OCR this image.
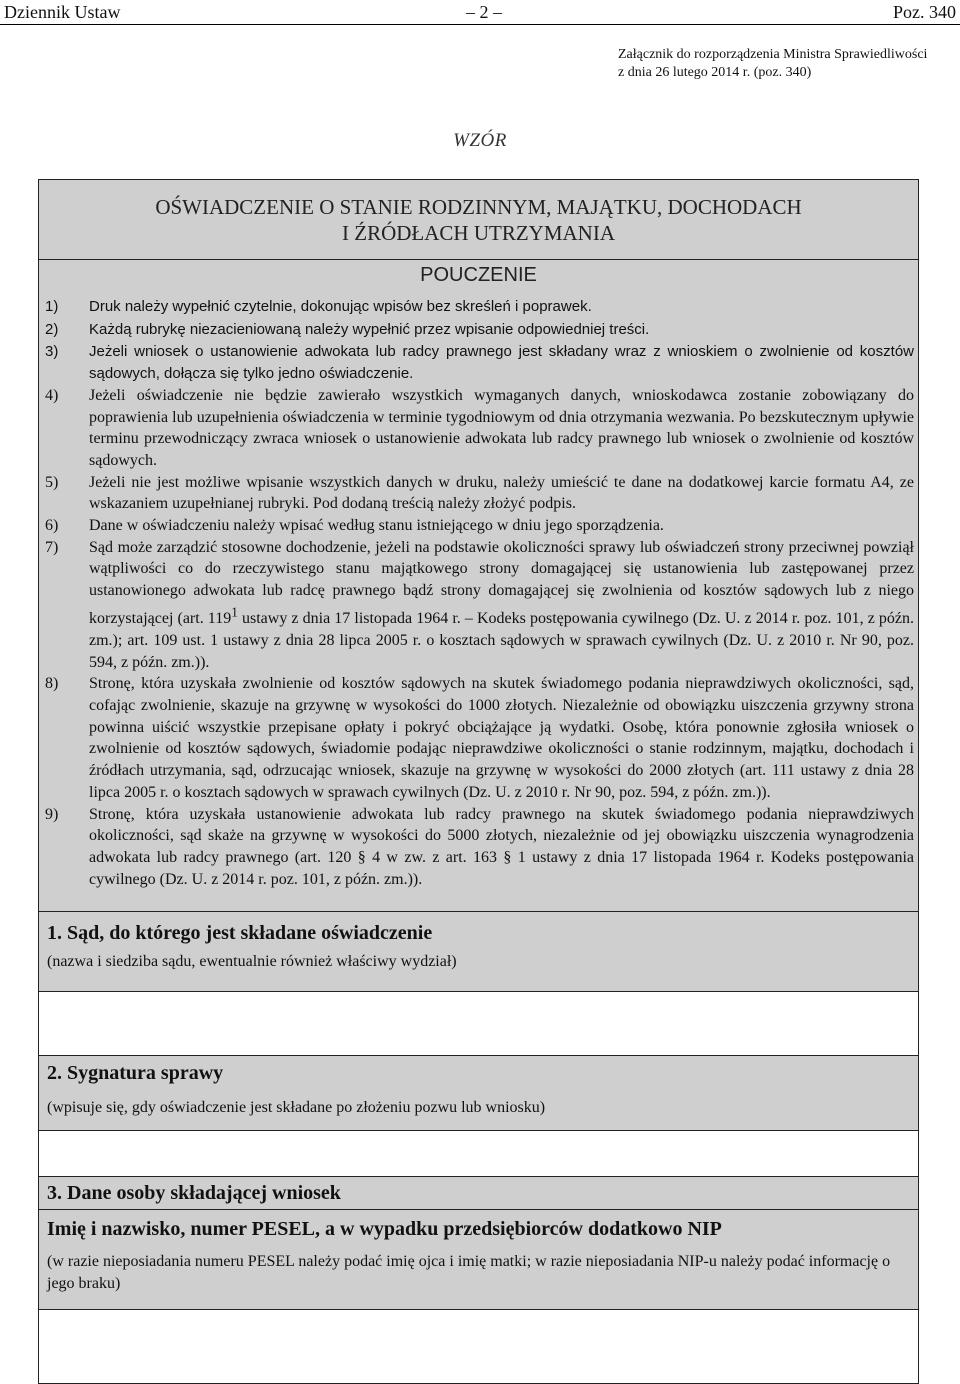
Dziennik Ustaw	– 2 –	Poz. 340
Załącznik do rozporządzenia Ministra Sprawiedliwości
z dnia 26 lutego 2014 r. (poz. 340)
WZÓR
OŚWIADCZENIE O STANIE RODZINNYM, MAJĄTKU, DOCHODACH
I ŹRÓDŁACH UTRZYMANIA
POUCZENIE
1) Druk należy wypełnić czytelnie, dokonując wpisów bez skreśleń i poprawek.
2) Każdą rubrykę niezacieniowaną należy wypełnić przez wpisanie odpowiedniej treści.
3) Jeżeli wniosek o ustanowienie adwokata lub radcy prawnego jest składany wraz z wnioskiem o zwolnienie od kosztów sądowych, dołącza się tylko jedno oświadczenie.
4) Jeżeli oświadczenie nie będzie zawierało wszystkich wymaganych danych, wnioskodawca zostanie zobowiązany do poprawienia lub uzupełnienia oświadczenia w terminie tygodniowym od dnia otrzymania wezwania. Po bezskutecznym upływie terminu przewodniczący zwraca wniosek o ustanowienie adwokata lub radcy prawnego lub wniosek o zwolnienie od kosztów sądowych.
5) Jeżeli nie jest możliwe wpisanie wszystkich danych w druku, należy umieścić te dane na dodatkowej karcie formatu A4, ze wskazaniem uzupełnianej rubryki. Pod dodaną treścią należy złożyć podpis.
6) Dane w oświadczeniu należy wpisać według stanu istniejącego w dniu jego sporządzenia.
7) Sąd może zarządzić stosowne dochodzenie, jeżeli na podstawie okoliczności sprawy lub oświadczeń strony przeciwnej powziął wątpliwości co do rzeczywistego stanu majątkowego strony domagającej się ustanowienia lub zastępowanej przez ustanowionego adwokata lub radcę prawnego bądź strony domagającej się zwolnienia od kosztów sądowych lub z niego korzystającej (art. $119^1$ ustawy z dnia 17 listopada 1964 r. – Kodeks postępowania cywilnego (Dz. U. z 2014 r. poz. 101, z późn. zm.); art. 109 ust. 1 ustawy z dnia 28 lipca 2005 r. o kosztach sądowych w sprawach cywilnych (Dz. U. z 2010 r. Nr 90, poz. 594, z późn. zm.)).
8) Stronę, która uzyskała zwolnienie od kosztów sądowych na skutek świadomego podania nieprawdziwych okoliczności, sąd, cofając zwolnienie, skazuje na grzywnę w wysokości do 1000 złotych. Niezależnie od obowiązku uiszczenia grzywny strona powinna uiścić wszystkie przepisane opłaty i pokryć obciążające ją wydatki. Osobę, która ponownie zgłosiła wniosek o zwolnienie od kosztów sądowych, świadomie podając nieprawdziwe okoliczności o stanie rodzinnym, majątku, dochodach i źródłach utrzymania, sąd, odrzucając wniosek, skazuje na grzywnę w wysokości do 2000 złotych (art. 111 ustawy z dnia 28 lipca 2005 r. o kosztach sądowych w sprawach cywilnych (Dz. U. z 2010 r. Nr 90, poz. 594, z późn. zm.)).
9) Stronę, która uzyskała ustanowienie adwokata lub radcy prawnego na skutek świadomego podania nieprawdziwych okoliczności, sąd skaże na grzywnę w wysokości do 5000 złotych, niezależnie od jej obowiązku uiszczenia wynagrodzenia adwokata lub radcy prawnego (art. 120 § 4 w zw. z art. 163 § 1 ustawy z dnia 17 listopada 1964 r. Kodeks postępowania cywilnego (Dz. U. z 2014 r. poz. 101, z późn. zm.)).
1. Sąd, do którego jest składane oświadczenie
(nazwa i siedziba sądu, ewentualnie również właściwy wydział)
2. Sygnatura sprawy
(wpisuje się, gdy oświadczenie jest składane po złożeniu pozwu lub wniosku)
3. Dane osoby składającej wniosek
Imię i nazwisko, numer PESEL, a w wypadku przedsiębiorców dodatkowo NIP
(w razie nieposiadania numeru PESEL należy podać imię ojca i imię matki; w razie nieposiadania NIP-u należy podać informację o jego braku)
